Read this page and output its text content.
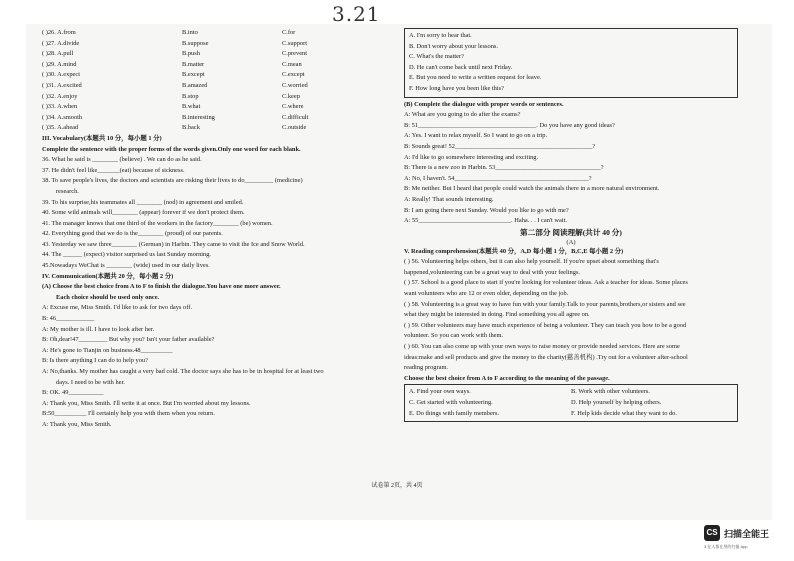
3.21
( )26. A.from	B.into	C.for
( )27. A.divide	B.suppose	C.support
( )28. A.pull	B.push	C.prevent
( )29. A.mind	B.matter	C.mean
( )30. A.expect	B.except	C.except
( )31. A.excited	B.amazed	C.worried
( )32. A.enjoy	B.stop	C.keep
( )33. A.when	B.what	C.where
( )34. A.smooth	B.interesting	C.difficult
( )35. A.ahead	B.back	C.outside
III. Vocabulary(本题共 10 分，每小题 1 分)
Complete the sentence with the proper forms of the words given.Only one word for each blank.
36. What he said is ________ (believe) . We can do as he said.
37. He didn't feel like_______(eat) because of sickness.
38. To save people's lives, the doctors and scientists are risking their lives to do_________ (medicine)
research.
39. To his surprise,his teammates all ________ (nod) in agreement and smiled.
40. Some wild animals will________ (appear) forever if we don't protect them.
41. The manager knows that one third of the workers in the factory________ (be) women.
42. Everything good that we do is the________ (proud) of our parents.
43. Yesterday we saw three________ (German) in Harbin. They came to visit the Ice and Snow World.
44. The ______ (expect) visitor surprised us last Sunday morning.
45.Nowadays WeChat is ________ (wide) used in our daily lives.
IV. Communication(本题共 20 分，每小题 2 分)
(A) Choose the best choice from A to F to finish the dialogue.You have one more answer.
Each choice should be used only once.
A: Excuse me, Miss Smith. I'd like to ask for two days off.
B: 46____________
A: My mother is ill. I have to look after her.
B: Oh,dear!47_________ But why you? Isn't your father available?
A: He's gone to Tianjin on business.48__________
B: Is there anything I can do to help you?
A: No,thanks. My mother has caught a very bad cold. The doctor says she has to be in hospital for at least two
days. I need to be with her.
B: OK. 49___________
A: Thank you, Miss Smith. I'll write it at once. But I'm worried about my lessons.
B:50__________ I'll certainly help you with them when you return.
A: Thank you, Miss Smith.
A. I'm sorry to hear that.
B. Don't worry about your lessons.
C. What's the matter?
D. He can't come back until next Friday.
E. But you need to write a written request for leave.
F. How long have you been like this?
(B) Complete the dialogue with proper words or sentences.
A: What are you going to do after the exams?
B: 51_____________________________________. Do you have any good ideas?
A: Yes. I want to relax myself. So I want to go on a trip.
B: Sounds great! 52___________________________________________?
A: I'd like to go somewhere interesting and exciting.
B: There is a new zoo in Harbin. 53_________________________________?
A: No, I haven't. 54__________________________________________?
B: Me neither. But I heard that people could watch the animals there in a more natural environment.
A: Really! That sounds interesting.
B: I am going there next Sunday. Would you like to go with me?
A: 55_____________________________. Haha. . . I can't wait.
第二部分 阅读理解(共计 40 分)
(A)
V. Reading comprehension(本题共 40 分，A,D 每小题 1 分，B,C,E 每小题 2 分)
( ) 56. Volunteering helps others, but it can also help yourself. If you're upset about something that's
happened,volunteering can be a great way to deal with your feelings.
( ) 57. School is a good place to start if you're looking for volunteer ideas. Ask a teacher for ideas. Some places
want volunteers who are 12 or even older, depending on the job.
( ) 58. Volunteering is a great way to have fun with your family.Talk to your parents,brothers,or sisters and see
what they might be interested in doing. Find something you all agree on.
( ) 59. Other volunteers may have much experience of being a volunteer. They can teach you how to be a good
volunteer. So you can work with them.
( ) 60. You can also come up with your own ways to raise money or provide needed services. Here are some
ideas:make and sell products and give the money to the charity(慈善机构) .Try out for a volunteer after-school
reading program.
Choose the best choice from A to F according to the meaning of the passage.
A. Find your own ways.	B. Work with other volunteers.
C. Get started with volunteering.	D. Help yourself by helping others.
E. Do things with family members.	F. Help kids decide what they want to do.
试卷第 2页，共 4页
CS 扫描全能王
3 亿人都在用的扫描 App
